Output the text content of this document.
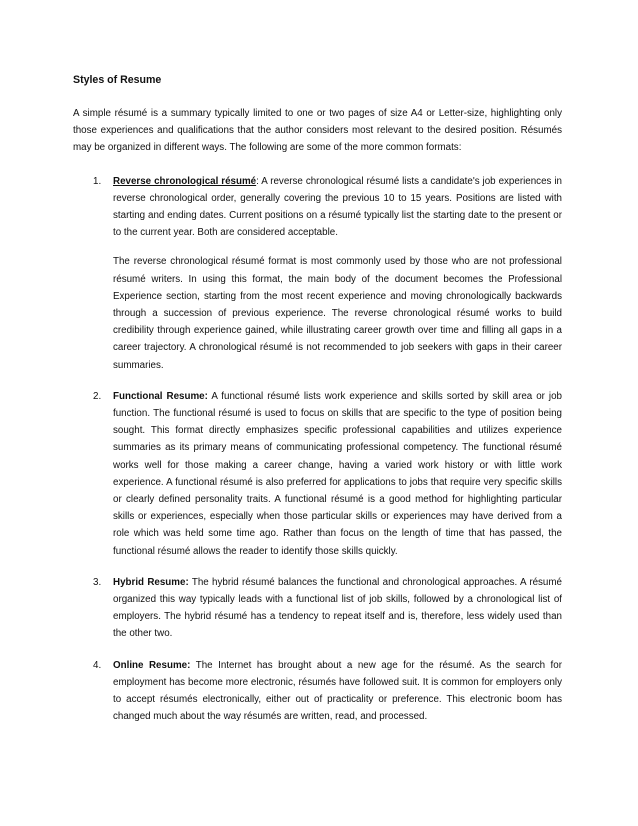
Styles of Resume

A simple résumé is a summary typically limited to one or two pages of size A4 or Letter-size, highlighting only those experiences and qualifications that the author considers most relevant to the desired position. Résumés may be organized in different ways. The following are some of the more common formats:

1. Reverse chronological résumé: A reverse chronological résumé lists a candidate's job experiences in reverse chronological order, generally covering the previous 10 to 15 years. Positions are listed with starting and ending dates. Current positions on a résumé typically list the starting date to the present or to the current year. Both are considered acceptable.

The reverse chronological résumé format is most commonly used by those who are not professional résumé writers. In using this format, the main body of the document becomes the Professional Experience section, starting from the most recent experience and moving chronologically backwards through a succession of previous experience. The reverse chronological résumé works to build credibility through experience gained, while illustrating career growth over time and filling all gaps in a career trajectory. A chronological résumé is not recommended to job seekers with gaps in their career summaries.

2. Functional Resume: A functional résumé lists work experience and skills sorted by skill area or job function. The functional résumé is used to focus on skills that are specific to the type of position being sought. This format directly emphasizes specific professional capabilities and utilizes experience summaries as its primary means of communicating professional competency. The functional résumé works well for those making a career change, having a varied work history or with little work experience. A functional résumé is also preferred for applications to jobs that require very specific skills or clearly defined personality traits. A functional résumé is a good method for highlighting particular skills or experiences, especially when those particular skills or experiences may have derived from a role which was held some time ago. Rather than focus on the length of time that has passed, the functional résumé allows the reader to identify those skills quickly.

3. Hybrid Resume: The hybrid résumé balances the functional and chronological approaches. A résumé organized this way typically leads with a functional list of job skills, followed by a chronological list of employers. The hybrid résumé has a tendency to repeat itself and is, therefore, less widely used than the other two.

4. Online Resume: The Internet has brought about a new age for the résumé. As the search for employment has become more electronic, résumés have followed suit. It is common for employers only to accept résumés electronically, either out of practicality or preference. This electronic boom has changed much about the way résumés are written, read, and processed.
